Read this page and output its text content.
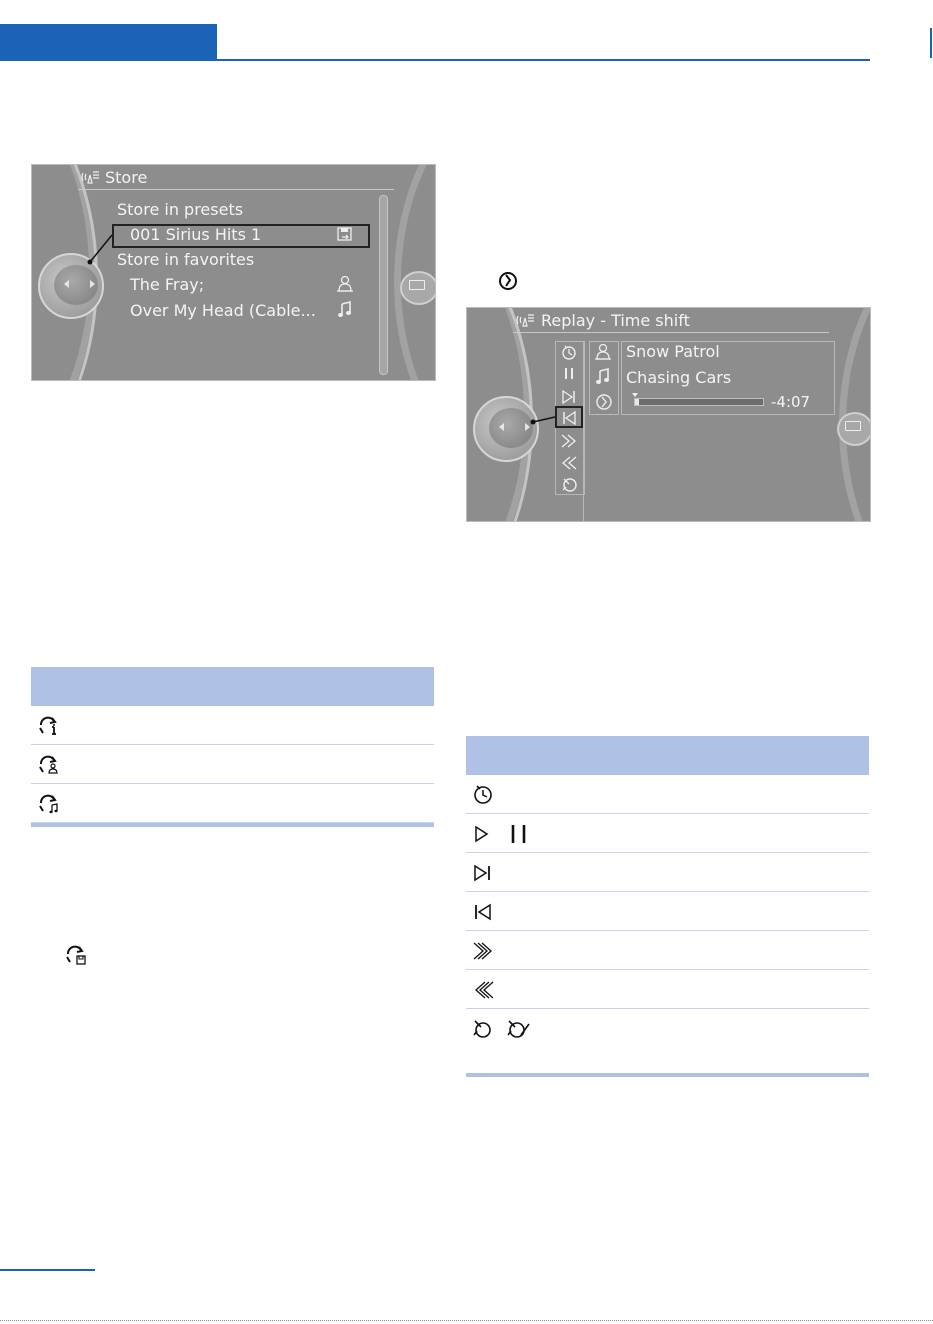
Store
Store in presets
001 Sirius Hits 1
Store in favorites
The Fray;
Over My Head (Cable...
Replay - Time shift
Snow Patrol
Chasing Cars
-4:07
